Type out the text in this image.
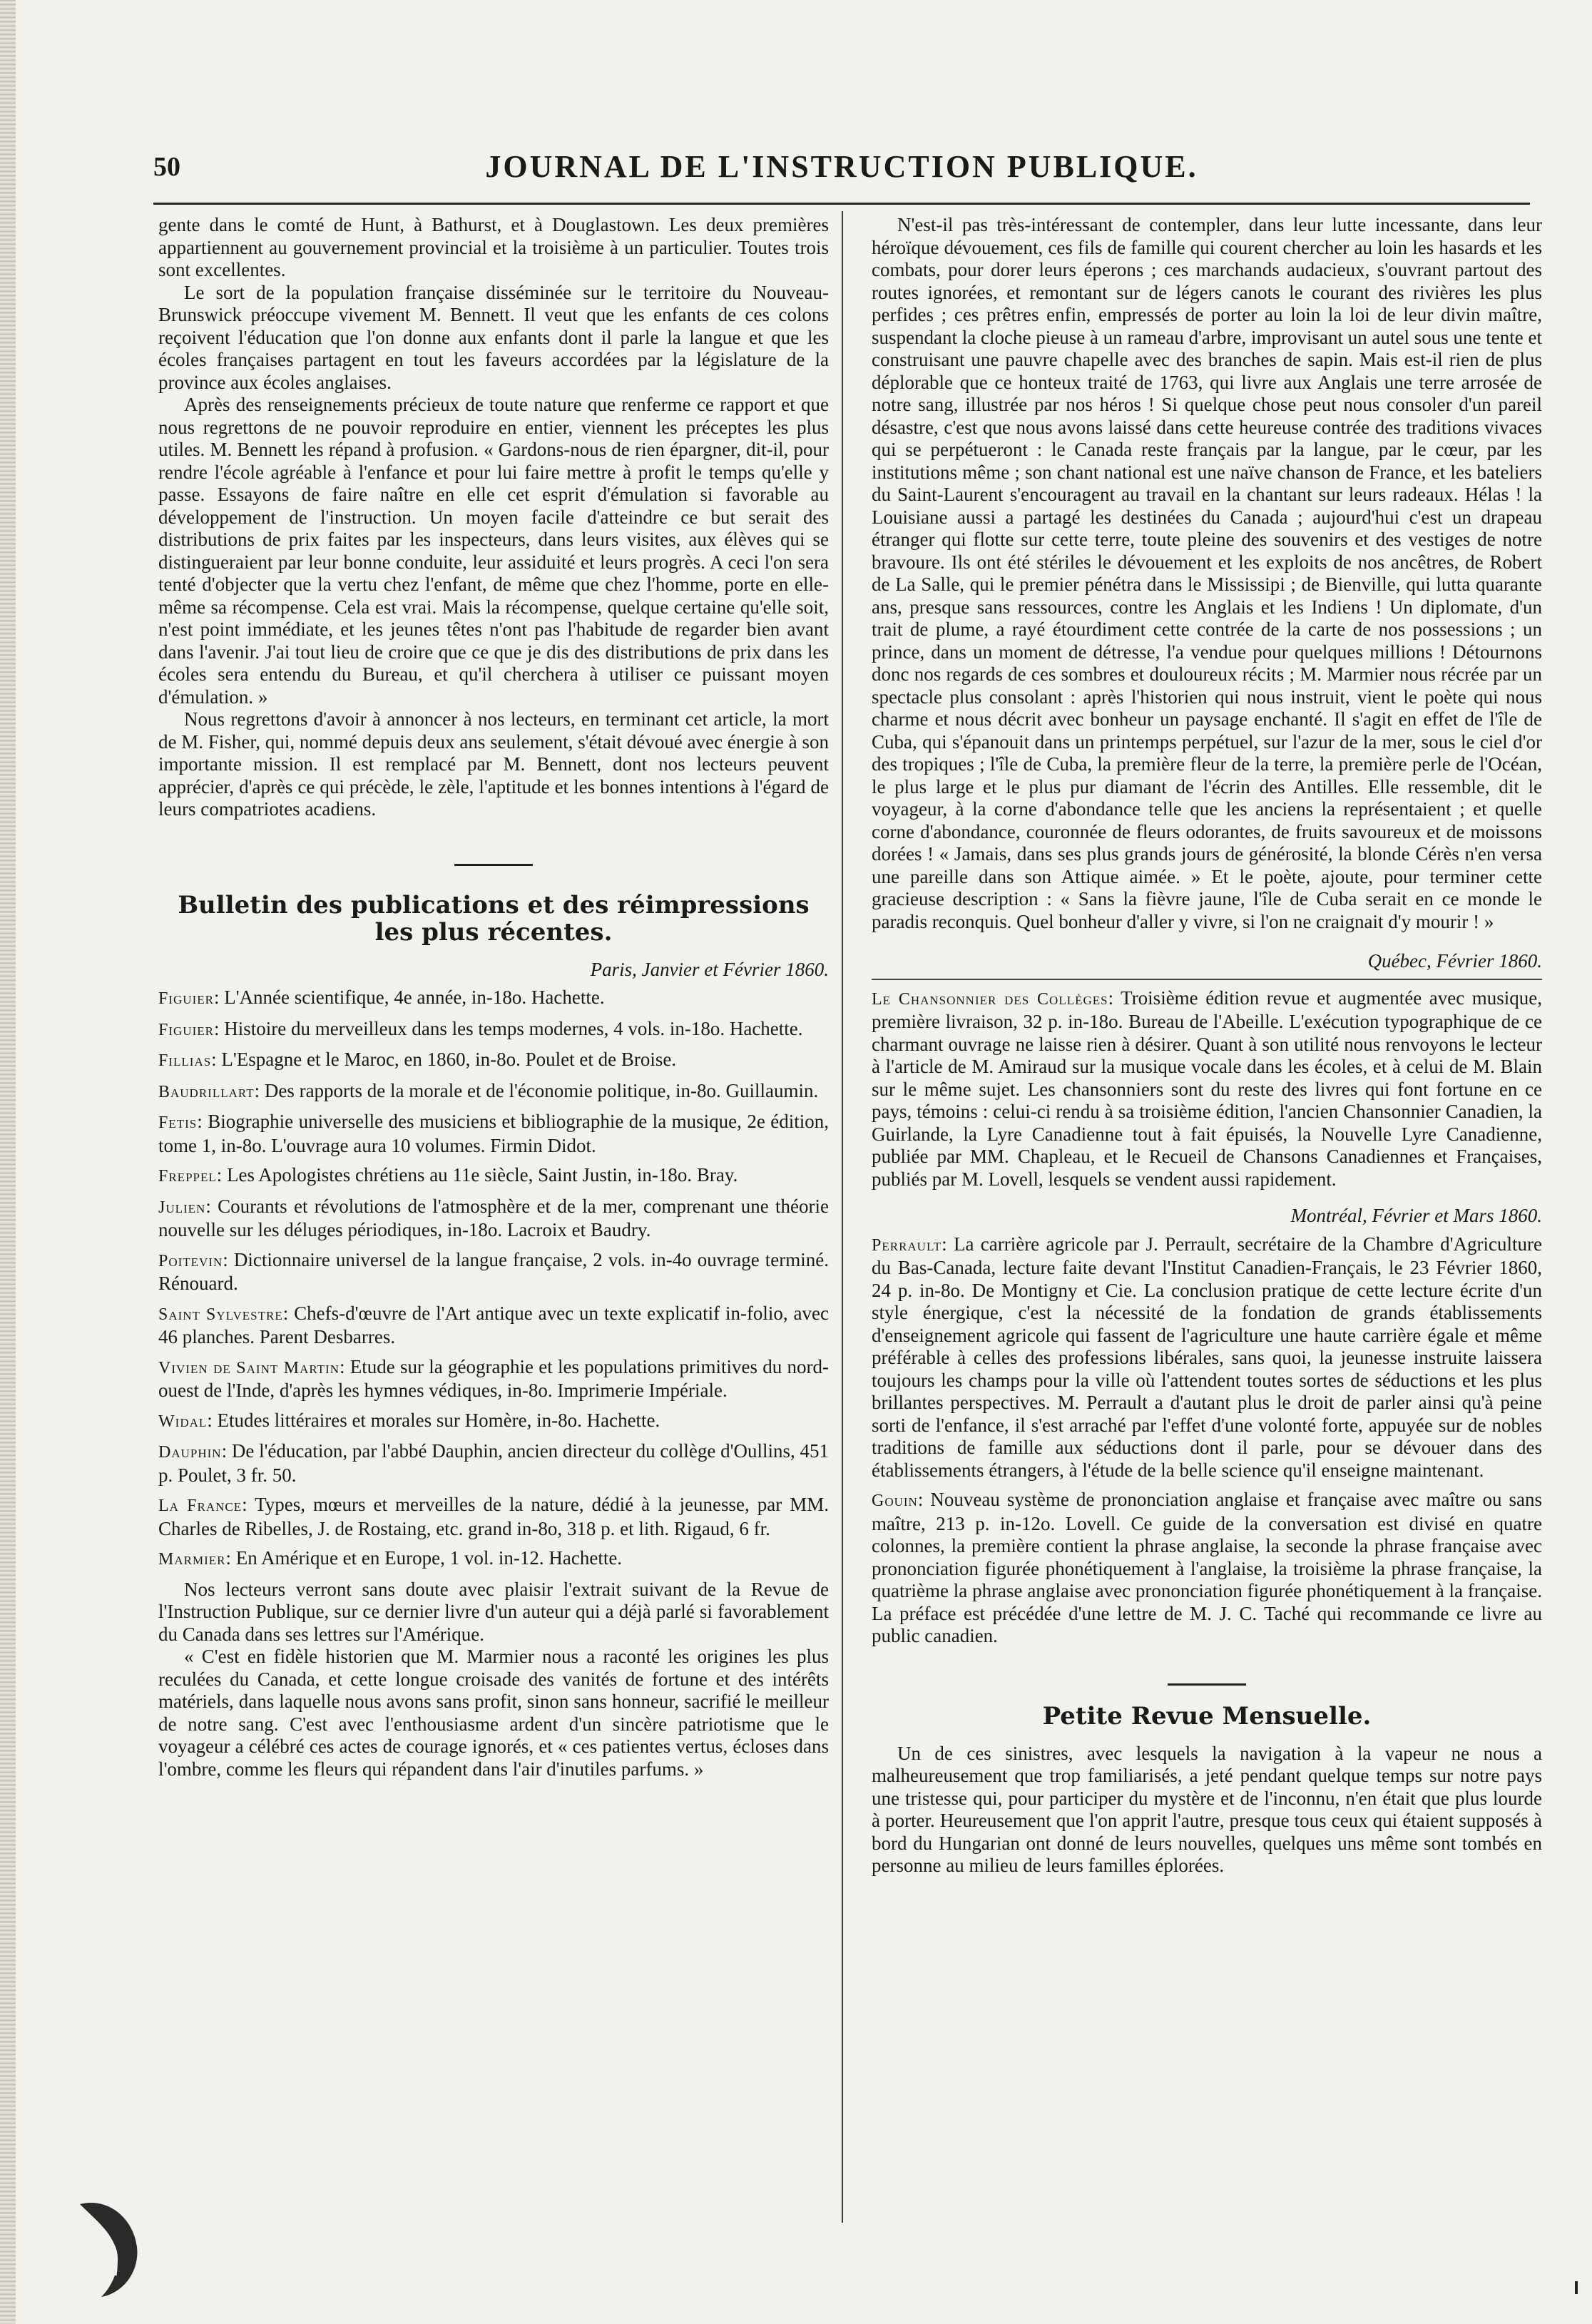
50	JOURNAL DE L'INSTRUCTION PUBLIQUE.

gente dans le comté de Hunt, à Bathurst, et à Douglastown. Les deux premières appartiennent au gouvernement provincial et la troisième à un particulier. Toutes trois sont excellentes.

Le sort de la population française disséminée sur le territoire du Nouveau-Brunswick préoccupe vivement M. Bennett. Il veut que les enfants de ces colons reçoivent l'éducation que l'on donne aux enfants dont il parle la langue et que les écoles françaises partagent en tout les faveurs accordées par la législature de la province aux écoles anglaises.

Après des renseignements précieux de toute nature que renferme ce rapport et que nous regrettons de ne pouvoir reproduire en entier, viennent les préceptes les plus utiles. M. Bennett les répand à profusion. « Gardons-nous de rien épargner, dit-il, pour rendre l'école agréable à l'enfance et pour lui faire mettre à profit le temps qu'elle y passe. Essayons de faire naître en elle cet esprit d'émulation si favorable au développement de l'instruction. Un moyen facile d'atteindre ce but serait des distributions de prix faites par les inspecteurs, dans leurs visites, aux élèves qui se distingueraient par leur bonne conduite, leur assiduité et leurs progrès. A ceci l'on sera tenté d'objecter que la vertu chez l'enfant, de même que chez l'homme, porte en elle-même sa récompense. Cela est vrai. Mais la récompense, quelque certaine qu'elle soit, n'est point immédiate, et les jeunes têtes n'ont pas l'habitude de regarder bien avant dans l'avenir. J'ai tout lieu de croire que ce que je dis des distributions de prix dans les écoles sera entendu du Bureau, et qu'il cherchera à utiliser ce puissant moyen d'émulation. »

Nous regrettons d'avoir à annoncer à nos lecteurs, en terminant cet article, la mort de M. Fisher, qui, nommé depuis deux ans seulement, s'était dévoué avec énergie à son importante mission. Il est remplacé par M. Bennett, dont nos lecteurs peuvent apprécier, d'après ce qui précède, le zèle, l'aptitude et les bonnes intentions à l'égard de leurs compatriotes acadiens.

Bulletin des publications et des réimpressions les plus récentes.
Paris, Janvier et Février 1860.

Figuier: L'Année scientifique, 4e année, in-18o. Hachette.

Figuier: Histoire du merveilleux dans les temps modernes, 4 vols. in-18o. Hachette.

Fillias: L'Espagne et le Maroc, en 1860, in-8o. Poulet et de Broise.

Baudrillart: Des rapports de la morale et de l'économie politique, in-8o. Guillaumin.

Fetis: Biographie universelle des musiciens et bibliographie de la musique, 2e édition, tome 1, in-8o. L'ouvrage aura 10 volumes. Firmin Didot.

Freppel: Les Apologistes chrétiens au 11e siècle, Saint Justin, in-18o. Bray.

Julien: Courants et révolutions de l'atmosphère et de la mer, comprenant une théorie nouvelle sur les déluges périodiques, in-18o. Lacroix et Baudry.

Poitevin: Dictionnaire universel de la langue française, 2 vols. in-4o ouvrage terminé. Rénouard.

Saint Sylvestre: Chefs-d'œuvre de l'Art antique avec un texte explicatif in-folio, avec 46 planches. Parent Desbarres.

Vivien de Saint Martin: Etude sur la géographie et les populations primitives du nord-ouest de l'Inde, d'après les hymnes védiques, in-8o. Imprimerie Impériale.

Widal: Etudes littéraires et morales sur Homère, in-8o. Hachette.

Dauphin: De l'éducation, par l'abbé Dauphin, ancien directeur du collège d'Oullins, 451 p. Poulet, 3 fr. 50.

La France: Types, mœurs et merveilles de la nature, dédié à la jeunesse, par MM. Charles de Ribelles, J. de Rostaing, etc. grand in-8o, 318 p. et lith. Rigaud, 6 fr.

Marmier: En Amérique et en Europe, 1 vol. in-12. Hachette.

Nos lecteurs verront sans doute avec plaisir l'extrait suivant de la Revue de l'Instruction Publique, sur ce dernier livre d'un auteur qui a déjà parlé si favorablement du Canada dans ses lettres sur l'Amérique.

« C'est en fidèle historien que M. Marmier nous a raconté les origines les plus reculées du Canada, et cette longue croisade des vanités de fortune et des intérêts matériels, dans laquelle nous avons sans profit, sinon sans honneur, sacrifié le meilleur de notre sang. C'est avec l'enthousiasme ardent d'un sincère patriotisme que le voyageur a célébré ces actes de courage ignorés, et « ces patientes vertus, écloses dans l'ombre, comme les fleurs qui répandent dans l'air d'inutiles parfums. »

N'est-il pas très-intéressant de contempler, dans leur lutte incessante, dans leur héroïque dévouement, ces fils de famille qui courent chercher au loin les hasards et les combats, pour dorer leurs éperons ; ces marchands audacieux, s'ouvrant partout des routes ignorées, et remontant sur de légers canots le courant des rivières les plus perfides ; ces prêtres enfin, empressés de porter au loin la loi de leur divin maître, suspendant la cloche pieuse à un rameau d'arbre, improvisant un autel sous une tente et construisant une pauvre chapelle avec des branches de sapin. Mais est-il rien de plus déplorable que ce honteux traité de 1763, qui livre aux Anglais une terre arrosée de notre sang, illustrée par nos héros ! Si quelque chose peut nous consoler d'un pareil désastre, c'est que nous avons laissé dans cette heureuse contrée des traditions vivaces qui se perpétueront : le Canada reste français par la langue, par le cœur, par les institutions même ; son chant national est une naïve chanson de France, et les bateliers du Saint-Laurent s'encouragent au travail en la chantant sur leurs radeaux. Hélas ! la Louisiane aussi a partagé les destinées du Canada ; aujourd'hui c'est un drapeau étranger qui flotte sur cette terre, toute pleine des souvenirs et des vestiges de notre bravoure. Ils ont été stériles le dévouement et les exploits de nos ancêtres, de Robert de La Salle, qui le premier pénétra dans le Mississipi ; de Bienville, qui lutta quarante ans, presque sans ressources, contre les Anglais et les Indiens ! Un diplomate, d'un trait de plume, a rayé étourdiment cette contrée de la carte de nos possessions ; un prince, dans un moment de détresse, l'a vendue pour quelques millions ! Détournons donc nos regards de ces sombres et douloureux récits ; M. Marmier nous récrée par un spectacle plus consolant : après l'historien qui nous instruit, vient le poète qui nous charme et nous décrit avec bonheur un paysage enchanté. Il s'agit en effet de l'île de Cuba, qui s'épanouit dans un printemps perpétuel, sur l'azur de la mer, sous le ciel d'or des tropiques ; l'île de Cuba, la première fleur de la terre, la première perle de l'Océan, le plus large et le plus pur diamant de l'écrin des Antilles. Elle ressemble, dit le voyageur, à la corne d'abondance telle que les anciens la représentaient ; et quelle corne d'abondance, couronnée de fleurs odorantes, de fruits savoureux et de moissons dorées ! « Jamais, dans ses plus grands jours de générosité, la blonde Cérès n'en versa une pareille dans son Attique aimée. » Et le poète, ajoute, pour terminer cette gracieuse description : « Sans la fièvre jaune, l'île de Cuba serait en ce monde le paradis reconquis. Quel bonheur d'aller y vivre, si l'on ne craignait d'y mourir ! »

Québec, Février 1860.

Le Chansonnier des Collèges: Troisième édition revue et augmentée avec musique, première livraison, 32 p. in-18o. Bureau de l'Abeille. L'exécution typographique de ce charmant ouvrage ne laisse rien à désirer. Quant à son utilité nous renvoyons le lecteur à l'article de M. Amiraud sur la musique vocale dans les écoles, et à celui de M. Blain sur le même sujet. Les chansonniers sont du reste des livres qui font fortune en ce pays, témoins : celui-ci rendu à sa troisième édition, l'ancien Chansonnier Canadien, la Guirlande, la Lyre Canadienne tout à fait épuisés, la Nouvelle Lyre Canadienne, publiée par MM. Chapleau, et le Recueil de Chansons Canadiennes et Françaises, publiés par M. Lovell, lesquels se vendent aussi rapidement.

Montréal, Février et Mars 1860.

Perrault: La carrière agricole par J. Perrault, secrétaire de la Chambre d'Agriculture du Bas-Canada, lecture faite devant l'Institut Canadien-Français, le 23 Février 1860, 24 p. in-8o. De Montigny et Cie. La conclusion pratique de cette lecture écrite d'un style énergique, c'est la nécessité de la fondation de grands établissements d'enseignement agricole qui fassent de l'agriculture une haute carrière égale et même préférable à celles des professions libérales, sans quoi, la jeunesse instruite laissera toujours les champs pour la ville où l'attendent toutes sortes de séductions et les plus brillantes perspectives. M. Perrault a d'autant plus le droit de parler ainsi qu'à peine sorti de l'enfance, il s'est arraché par l'effet d'une volonté forte, appuyée sur de nobles traditions de famille aux séductions dont il parle, pour se dévouer dans des établissements étrangers, à l'étude de la belle science qu'il enseigne maintenant.

Gouin: Nouveau système de prononciation anglaise et française avec maître ou sans maître, 213 p. in-12o. Lovell. Ce guide de la conversation est divisé en quatre colonnes, la première contient la phrase anglaise, la seconde la phrase française avec prononciation figurée phonétiquement à l'anglaise, la troisième la phrase française, la quatrième la phrase anglaise avec prononciation figurée phonétiquement à la française. La préface est précédée d'une lettre de M. J. C. Taché qui recommande ce livre au public canadien.

Petite Revue Mensuelle.

Un de ces sinistres, avec lesquels la navigation à la vapeur ne nous a malheureusement que trop familiarisés, a jeté pendant quelque temps sur notre pays une tristesse qui, pour participer du mystère et de l'inconnu, n'en était que plus lourde à porter. Heureusement que l'on apprit l'autre, presque tous ceux qui étaient supposés à bord du Hungarian ont donné de leurs nouvelles, quelques uns même sont tombés en personne au milieu de leurs familles éplorées.
